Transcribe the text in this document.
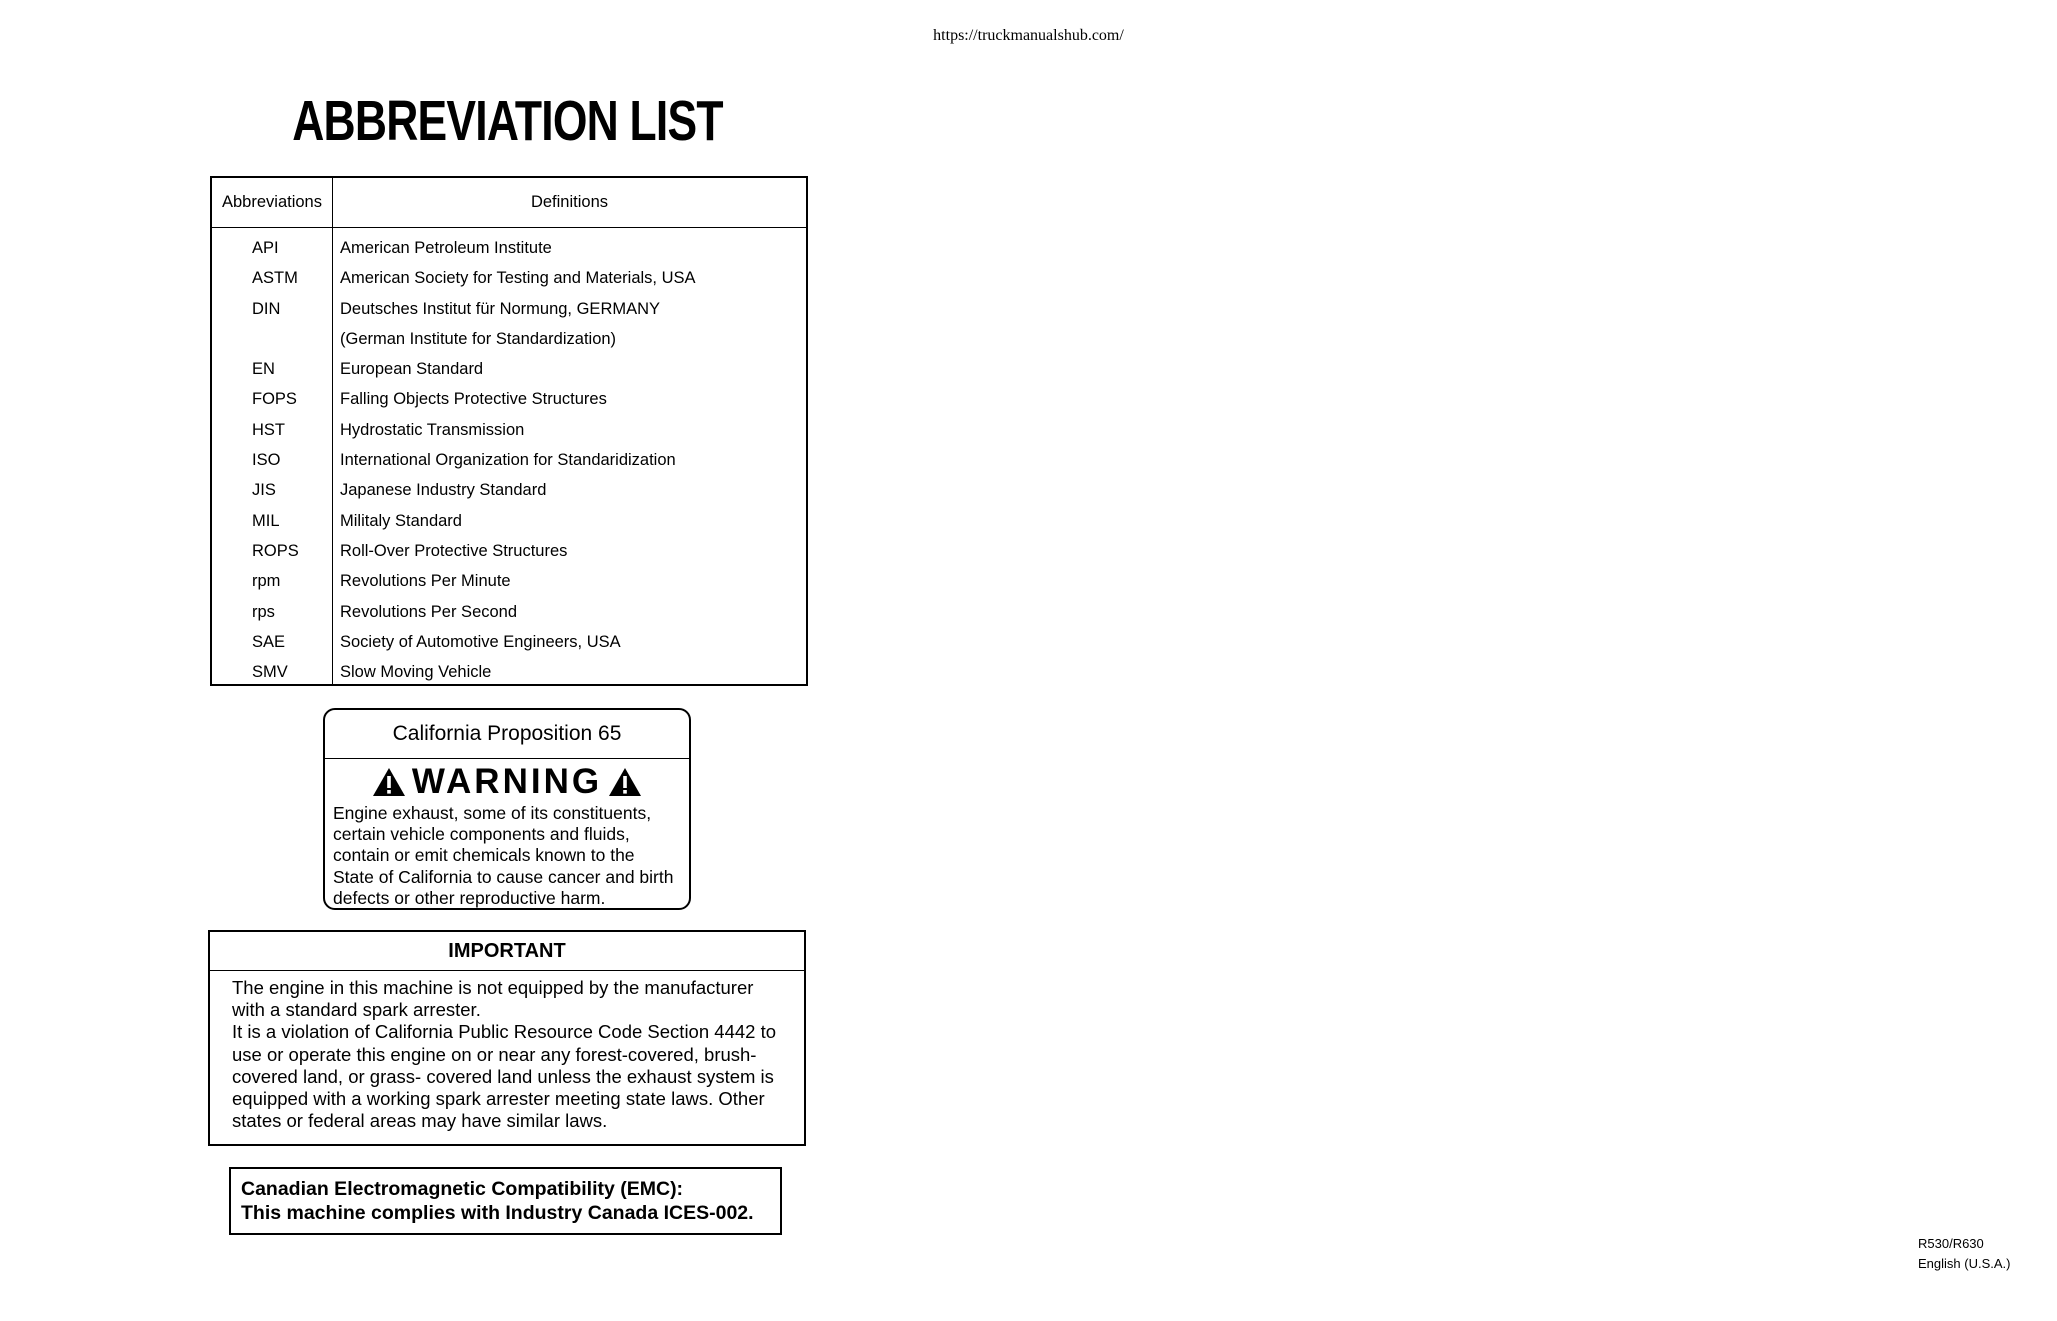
https://truckmanualshub.com/
ABBREVIATION LIST
Abbreviations	Definitions
API
ASTM
DIN
EN
FOPS
HST
ISO
JIS
MIL
ROPS
rpm
rps
SAE
SMV
American Petroleum Institute
American Society for Testing and Materials, USA
Deutsches Institut für Normung, GERMANY
(German Institute for Standardization)
European Standard
Falling Objects Protective Structures
Hydrostatic Transmission
International Organization for Standaridization
Japanese Industry Standard
Militaly Standard
Roll-Over Protective Structures
Revolutions Per Minute
Revolutions Per Second
Society of Automotive Engineers, USA
Slow Moving Vehicle
California Proposition 65
WARNING
Engine exhaust, some of its constituents,
certain vehicle components and fluids,
contain or emit chemicals known to the
State of California to cause cancer and birth
defects or other reproductive harm.
IMPORTANT

The engine in this machine is not equipped by the manufacturer

with a standard spark arrester.

It is a violation of California Public Resource Code Section 4442 to

use or operate this engine on or near any forest-covered, brush-

covered land, or grass- covered land unless the exhaust system is

equipped with a working spark arrester meeting state laws. Other

states or federal areas may have similar laws.

Canadian Electromagnetic Compatibility (EMC):

This machine complies with Industry Canada ICES-002.

R530/R630

English (U.S.A.)
